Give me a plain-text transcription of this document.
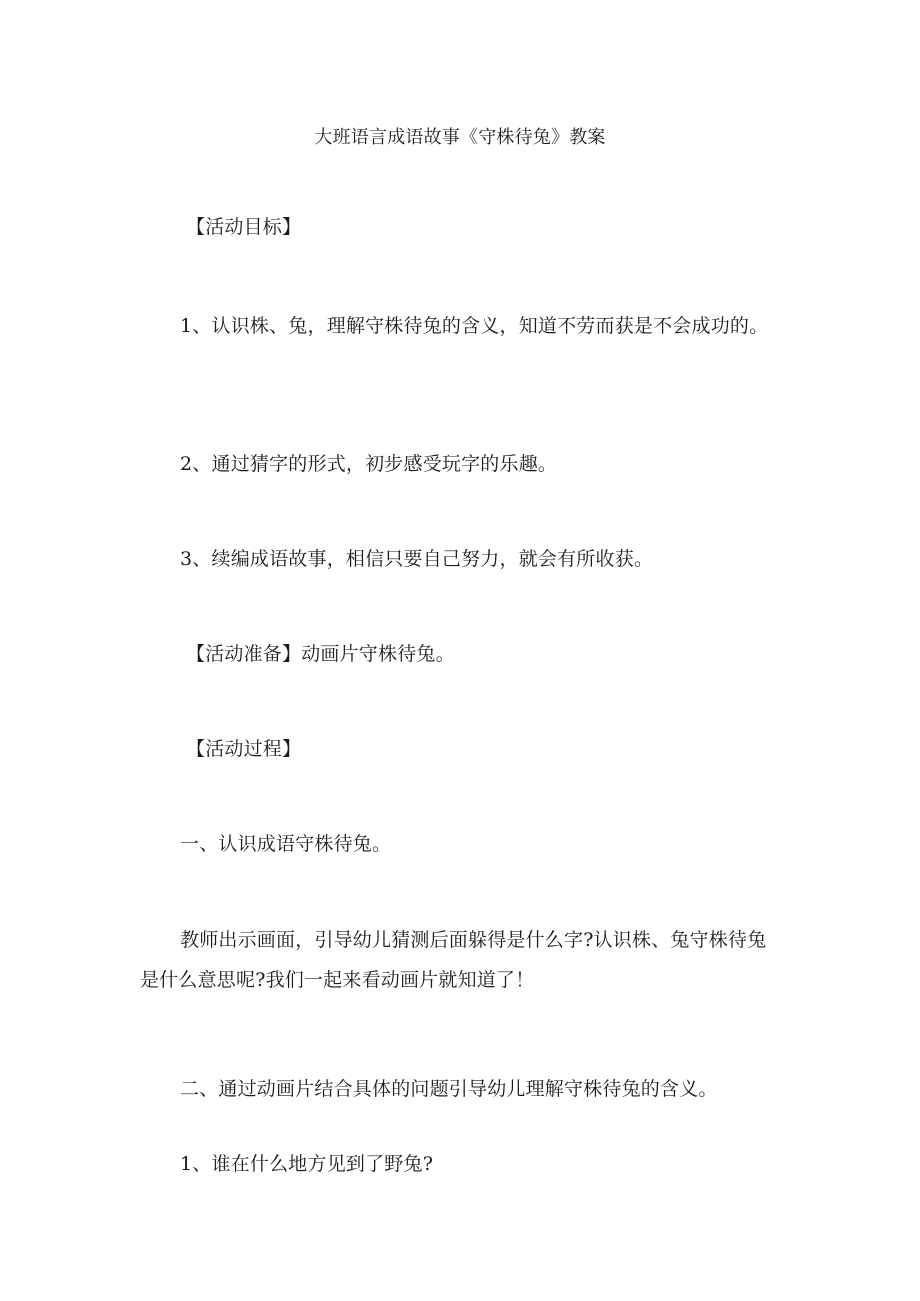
大班语言成语故事《守株待兔》教案

【活动目标】

1、认识株、兔，理解守株待兔的含义，知道不劳而获是不会成功的。

2、通过猜字的形式，初步感受玩字的乐趣。

3、续编成语故事，相信只要自己努力，就会有所收获。

【活动准备】动画片守株待兔。

【活动过程】

一、认识成语守株待兔。

教师出示画面，引导幼儿猜测后面躲得是什么字?认识株、兔守株待兔是什么意思呢?我们一起来看动画片就知道了！

二、通过动画片结合具体的问题引导幼儿理解守株待兔的含义。

1、谁在什么地方见到了野兔?
